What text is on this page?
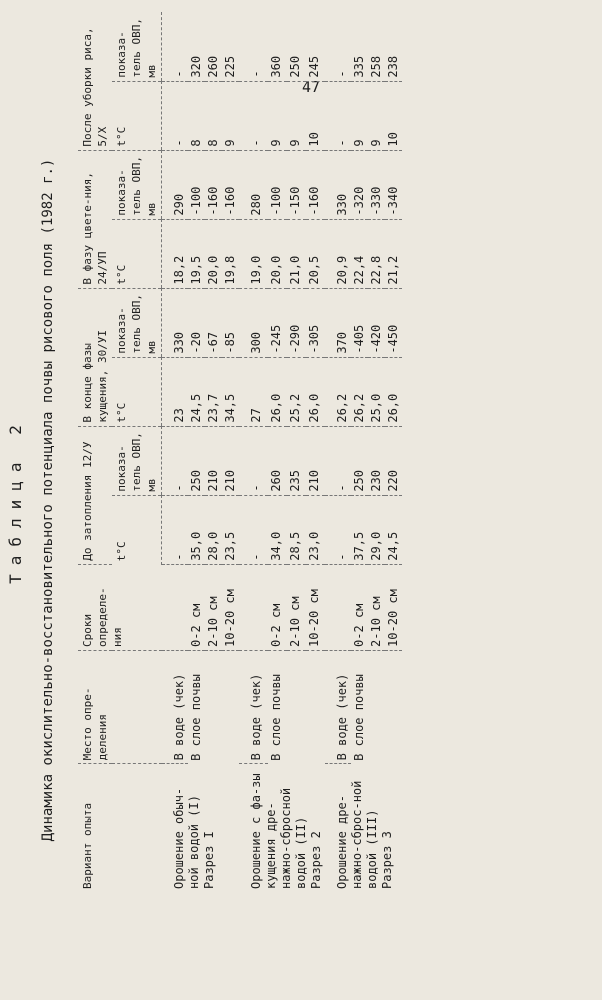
47
Таблица 2 Динамика окислительно-восстановительного потенциала почвы рисового поля (1982 г.)
Вариант опыта	Место опре-деления	Сроки определе-ния	До затопления 12/У		В конце фазы кущения, 30/УI		В фазу цвете-ния, 24/УП		После уборки риса, 5/X	
			t°C	показа-тель ОВП, мв	t°C	показа-тель ОВП, мв	t°C	показа-тель ОВП, мв	t°C	показа-тель ОВП, мв
Орошение обыч-ной водой (I) Разрез I	В воде (чек)		-	-	23	330	18,2	290	-	-
	В слое почвы	0-2 см	35,0	250	24,5	-20	19,5	-100	8	320
		2-10 см	28,0	210	23,7	-67	20,0	-160	8	260
		10-20 см	23,5	210	34,5	-85	19,8	-160	9	225
Орошение с фа-зы кущения дре-нажно-сбросной водой (II) Разрез 2	В воде (чек)		-	-	27	300	19,0	280	-	-
	В слое почвы	0-2 см	34,0	260	26,0	-245	20,0	-100	9	360
		2-10 см	28,5	235	25,2	-290	21,0	-150	9	250
		10-20 см	23,0	210	26,0	-305	20,5	-160	10	245
Орошение дре-нажно-сброс-ной водой (III) Разрез 3	В воде (чек)		-	-	26,2	370	20,9	330	-	-
	В слое почвы	0-2 см	37,5	250	26,2	-405	22,4	-320	9	335
		2-10 см	29,0	230	25,0	-420	22,8	-330	9	258
		10-20 см	24,5	220	26,0	-450	21,2	-340	10	238
